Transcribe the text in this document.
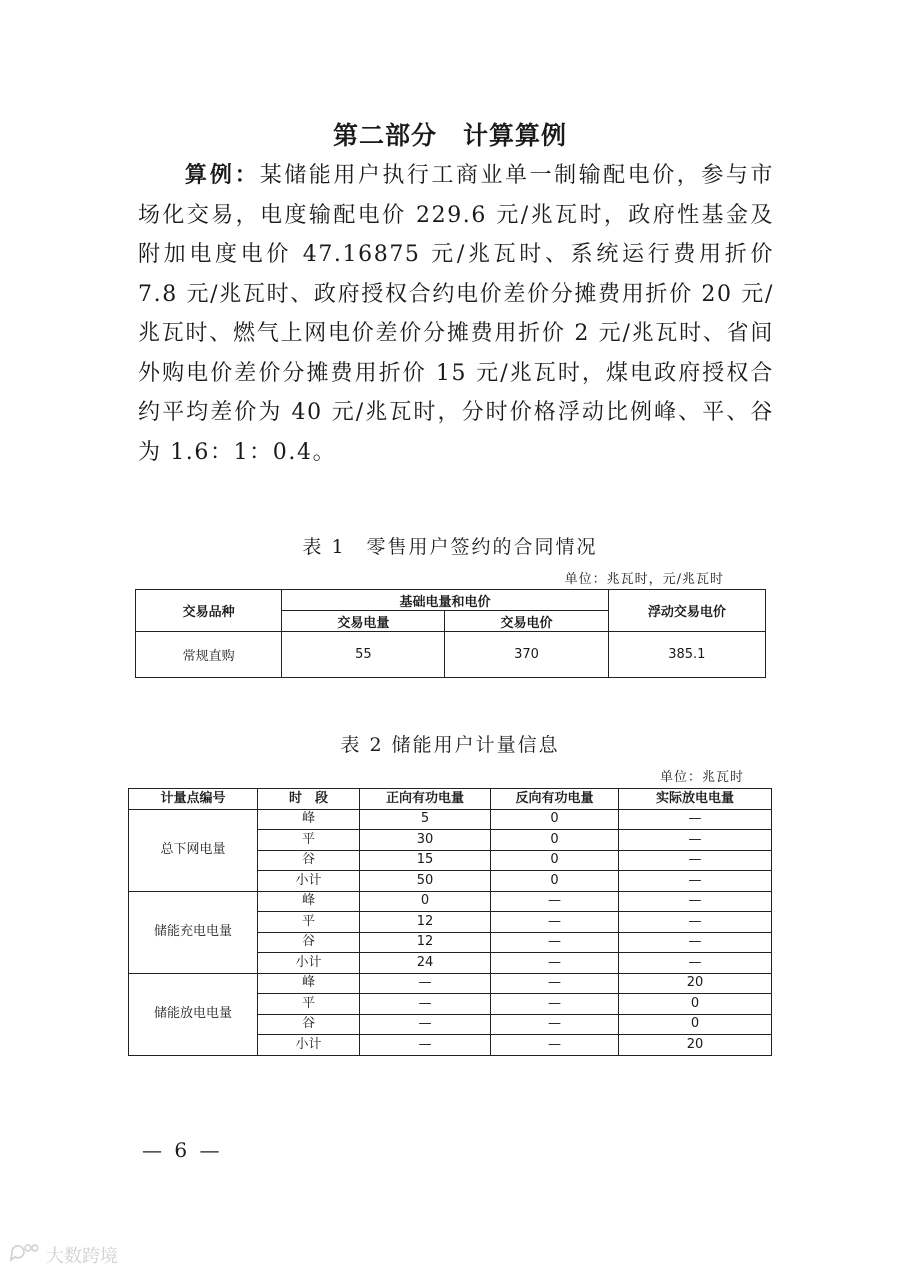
第二部分 计算算例
算例：某储能用户执行工商业单一制输配电价，参与市场化交易，电度输配电价 229.6 元/兆瓦时，政府性基金及附加电度电价 47.16875 元/兆瓦时、系统运行费用折价 7.8 元/兆瓦时、政府授权合约电价差价分摊费用折价 20 元/兆瓦时、燃气上网电价差价分摊费用折价 2 元/兆瓦时、省间外购电价差价分摊费用折价 15 元/兆瓦时，煤电政府授权合约平均差价为 40 元/兆瓦时，分时价格浮动比例峰、平、谷为 1.6：1：0.4。
表 1　零售用户签约的合同情况
单位：兆瓦时，元/兆瓦时
交易品种	基础电量和电价		浮动交易电价
	交易电量	交易电价	
常规直购	55	370	385.1
表 2 储能用户计量信息
单位：兆瓦时
计量点编号	时　段	正向有功电量	反向有功电量	实际放电电量
总下网电量	峰	5	0	—
	平	30	0	—
	谷	15	0	—
	小计	50	0	—
储能充电电量	峰	0	—	—
	平	12	—	—
	谷	12	—	—
	小计	24	—	—
储能放电电量	峰	—	—	20
	平	—	—	0
	谷	—	—	0
	小计	—	—	20
— 6 —
大数跨境
